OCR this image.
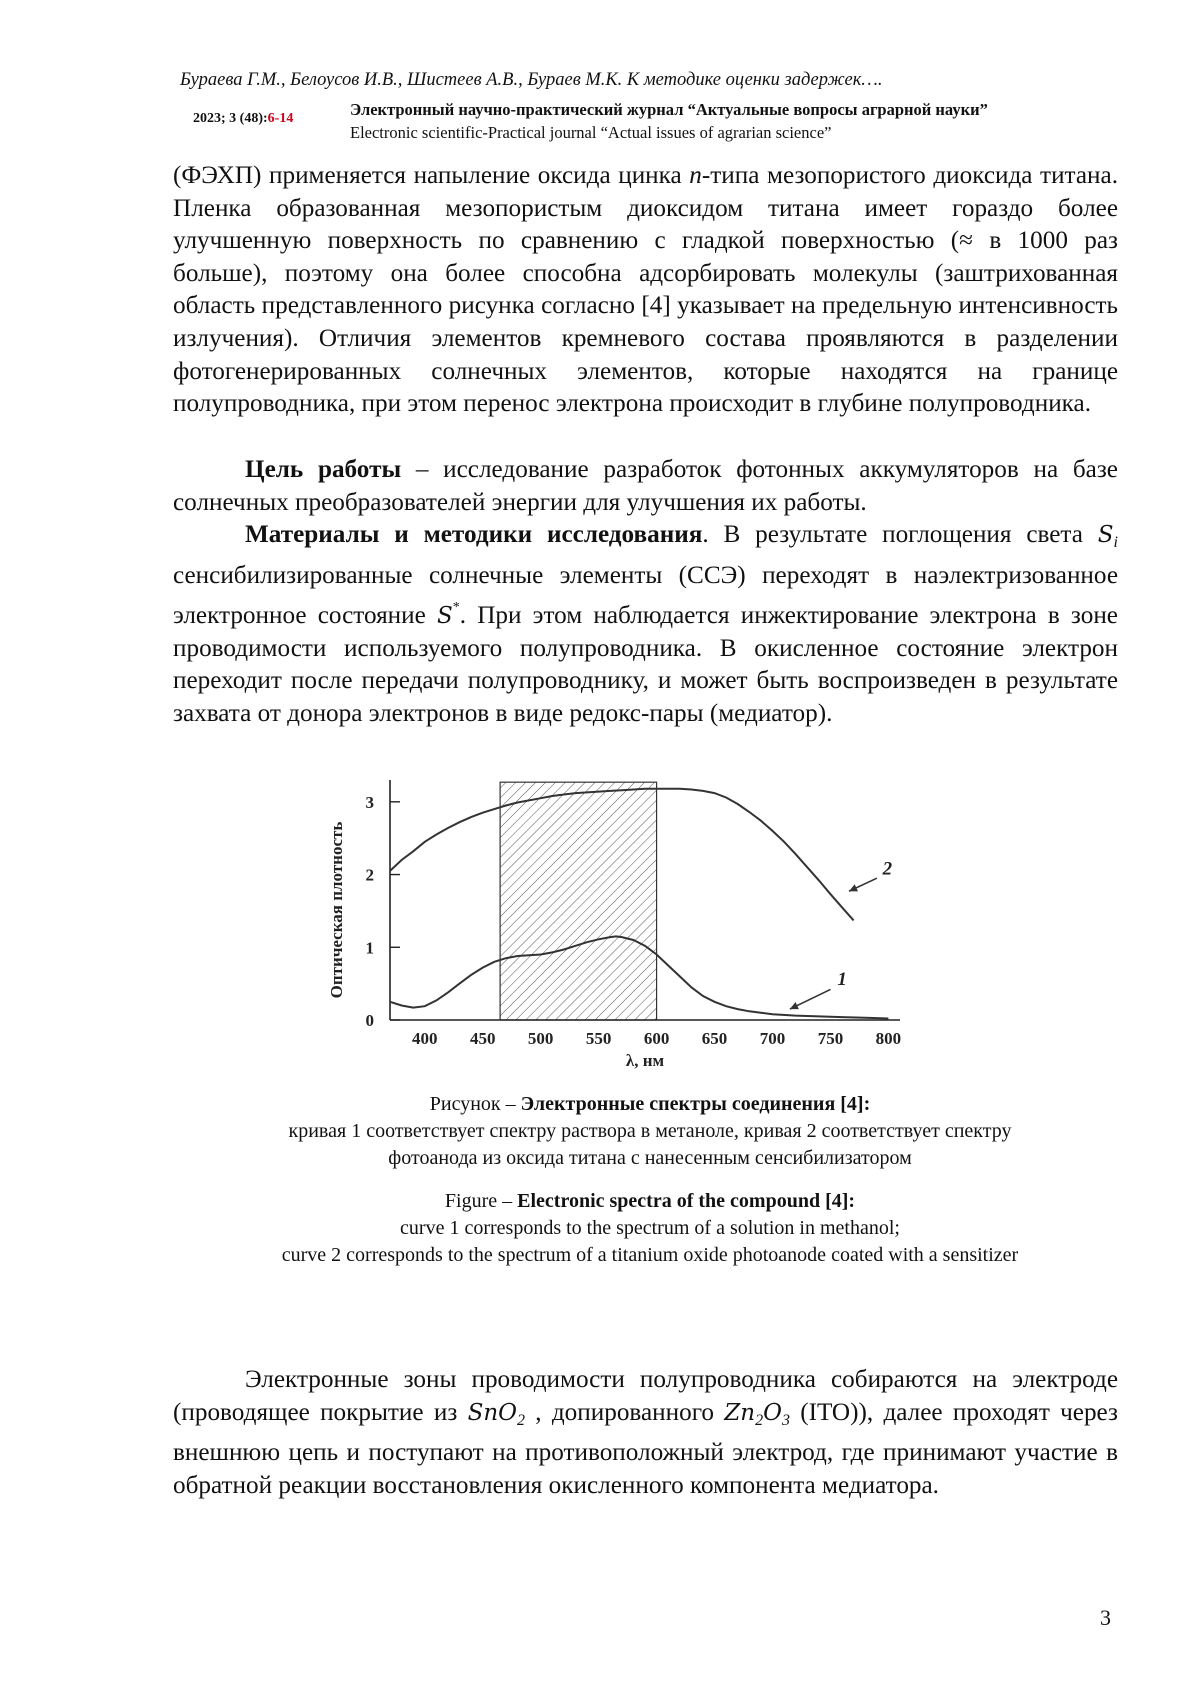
Бураева Г.М., Белоусов И.В., Шистеев А.В., Бураев М.К. К методике оценки задержек….
2023; 3 (48):6-14	Электронный научно-практический журнал “Актуальные вопросы аграрной науки”
Electronic scientific-Practical journal “Actual issues of agrarian science”
(ФЭХП) применяется напыление оксида цинка n-типа мезопористого диоксида титана. Пленка образованная мезопористым диоксидом титана имеет гораздо более улучшенную поверхность по сравнению с гладкой поверхностью (≈ в 1000 раз больше), поэтому она более способна адсорбировать молекулы (заштрихованная область представленного рисунка согласно [4] указывает на предельную интенсивность излучения). Отличия элементов кремневого состава проявляются в разделении фотогенерированных солнечных элементов, которые находятся на границе полупроводника, при этом перенос электрона происходит в глубине полупроводника.
Цель работы – исследование разработок фотонных аккумуляторов на базе солнечных преобразователей энергии для улучшения их работы.
Материалы и методики исследования. В результате поглощения света $S_i$ сенсибилизированные солнечные элементы (ССЭ) переходят в наэлектризованное электронное состояние S*. При этом наблюдается инжектирование электрона в зоне проводимости используемого полупроводника. В окисленное состояние электрон переходит после передачи полупроводнику, и может быть воспроизведен в результате захвата от донора электронов в виде редокс-пары (медиатор).
0
1
2
3
400 450 500 550 600 650 700 750 800
λ, нм
Оптическая плотность	2
1
Рисунок – Электронные спектры соединения [4]:
кривая 1 соответствует спектру раствора в метаноле, кривая 2 соответствует спектру
фотоанода из оксида титана с нанесенным сенсибилизатором
Figure – Electronic spectra of the compound [4]:
curve 1 corresponds to the spectrum of a solution in methanol;
curve 2 corresponds to the spectrum of a titanium oxide photoanode coated with a sensitizer
Электронные зоны проводимости полупроводника собираются на электроде (проводящее покрытие из SnO$_2$ , допированного $Zn_2O_3$ (ITO)), далее проходят через внешнюю цепь и поступают на противоположный электрод, где принимают участие в обратной реакции восстановления окисленного компонента медиатора.
3
